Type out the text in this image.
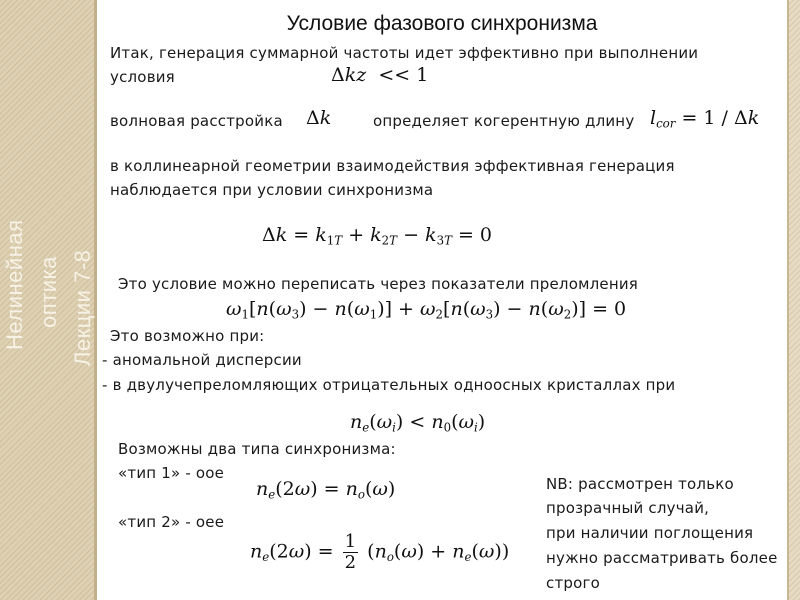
Нелинейная оптика Лекции 7-8
Условие фазового синхронизма
Итак, генерация суммарной частоты идет эффективно при выполнении
условия	Δkz  << 1
волновая расстройка Δk	определяет когерентную длину $l_{cor} = 1 / \Delta k$
в коллинеарной геометрии взаимодействия эффективная генерация
наблюдается при условии синхронизма
$\Delta k = k_{1T} + k_{2T} - k_{3T} = 0$
Это условие можно переписать через показатели преломления
$\omega_1[n(\omega_3) - n(\omega_1)] + \omega_2[n(\omega_3) - n(\omega_2)] = 0$
Это возможно при:
- аномальной дисперсии
- в двулучепреломляющих отрицательных одноосных кристаллах при
$n_e(\omega_i) < n_0(\omega_i)$
Возможны два типа синхронизма:
«тип 1» - ooe
$n_e(2\omega) = n_o(\omega)$
«тип 2» - oee
$n_e(2\omega) = \frac{1}{2} (n_o(\omega) + n_e(\omega))$
NB: рассмотрен только
прозрачный случай,
при наличии поглощения
нужно рассматривать более
строго
